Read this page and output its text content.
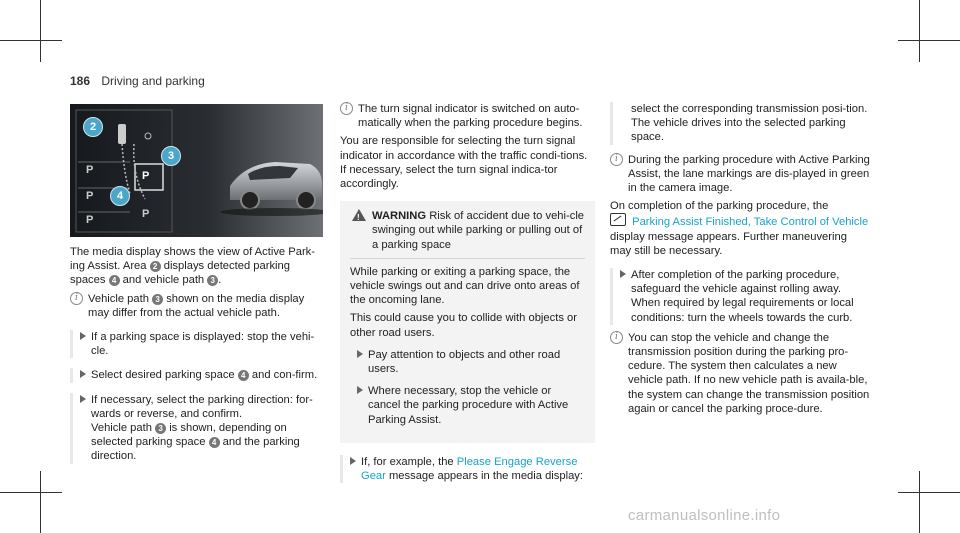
186 Driving and parking
P
P
P
P
P
2
3
4

The media display shows the view of Active Park-ing Assist. Area 2 displays detected parking spaces 4 and vehicle path 3 .

i Vehicle path 3 shown on the media display may differ from the actual vehicle path.
If a parking space is displayed: stop the vehi-cle.
Select desired parking space 4 and con-firm.
If necessary, select the parking direction: for-wards or reverse, and confirm.
Vehicle path 3 is shown, depending on selected parking space 4 and the parking direction.
i The turn signal indicator is switched on auto-matically when the parking procedure begins.

You are responsible for selecting the turn signal indicator in accordance with the traffic condi-tions. If necessary, select the turn signal indica-tor accordingly.

!
WARNING Risk of accident due to vehi-cle swinging out while parking or pulling out of a parking space

While parking or exiting a parking space, the vehicle swings out and can drive onto areas of the oncoming lane.

This could cause you to collide with objects or other road users.

Pay attention to objects and other road users.
Where necessary, stop the vehicle or cancel the parking procedure with Active Parking Assist.
If, for example, the Please Engage Reverse Gear message appears in the media display:
select the corresponding transmission posi-tion.
The vehicle drives into the selected parking space.
i During the parking procedure with Active Parking Assist, the lane markings are dis-played in green in the camera image.

On completion of the parking procedure, the
Parking Assist Finished, Take Control of Vehicle display message appears. Further maneuvering may still be necessary.

After completion of the parking procedure, safeguard the vehicle against rolling away. When required by legal requirements or local conditions: turn the wheels towards the curb.
i You can stop the vehicle and change the transmission position during the parking pro-cedure. The system then calculates a new vehicle path. If no new vehicle path is availa-ble, the system can change the transmission position again or cancel the parking proce-dure.
carmanualsonline.info
